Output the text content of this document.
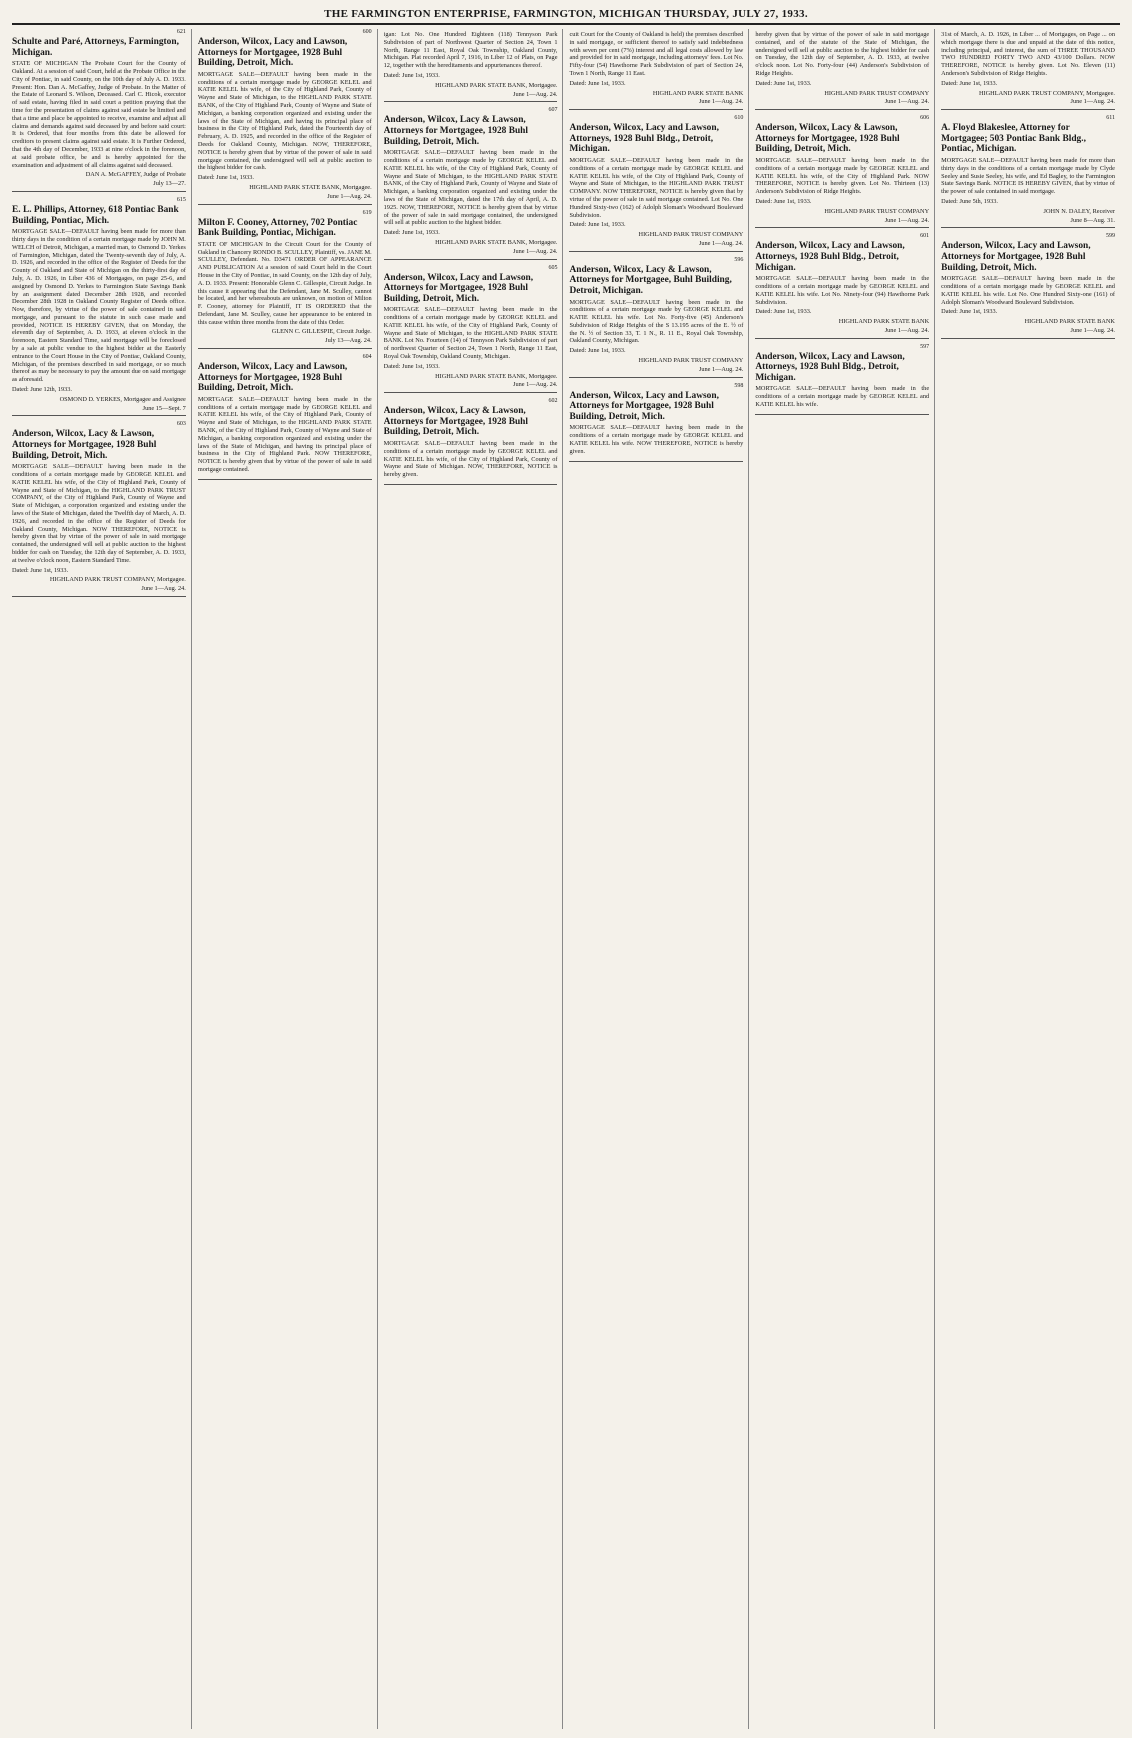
THE FARMINGTON ENTERPRISE, FARMINGTON, MICHIGAN THURSDAY, JULY 27, 1933.
621
Schulte and Paré, Attorneys, Farmington, Michigan.
STATE OF MICHIGAN The Probate Court for the County of Oakland. At a session of said Court, held at the Probate Office in the City of Pontiac, in said County, on the 10th day of July A. D. 1933. Present: Hon. Dan A. McGaffey, Judge of Probate. In the Matter of the Estate of Leonard S. Wilson, Deceased. Carl C. Hicok, executor of said estate, having filed in said court a petition praying that the time for the presentation of claims against said estate be limited and that a time and place be appointed to receive, examine and adjust all claims and demands against said deceased by and before said court: It is Ordered, that four months from this date be allowed for creditors to present claims against said estate. It is Further Ordered, that the 4th day of December, 1933 at nine o'clock in the forenoon, at said probate office, be and is hereby appointed for the examination and adjustment of all claims against said deceased.
DAN A. McGAFFEY, Judge of Probate
July 13—27.
615
E. L. Phillips, Attorney, 618 Pontiac Bank Building, Pontiac, Mich.
MORTGAGE SALE—DEFAULT having been made for more than thirty days in the condition of a certain mortgage made by JOHN M. WELCH of Detroit, Michigan, a married man, to Osmond D. Yerkes of Farmington, Michigan, dated the Twenty-seventh day of July, A. D. 1926, and recorded in the office of the Register of Deeds for the County of Oakland and State of Michigan on the thirty-first day of July, A. D. 1926, in Liber 436 of Mortgages, on page 25-6, and assigned by Osmond D. Yerkes to Farmington State Savings Bank by an assignment dated December 28th 1928, and recorded December 28th 1928 in Oakland County Register of Deeds office. Now, therefore, by virtue of the power of sale contained in said mortgage, and pursuant to the statute in such case made and provided, NOTICE IS HEREBY GIVEN, that on Monday, the eleventh day of September, A. D. 1933, at eleven o'clock in the forenoon, Eastern Standard Time, said mortgage will be foreclosed by a sale at public vendue to the highest bidder at the Easterly entrance to the Court House in the City of Pontiac, Oakland County, Michigan, of the premises described in said mortgage, or so much thereof as may be necessary to pay the amount due on said mortgage as aforesaid.
Dated: June 12th, 1933.
OSMOND D. YERKES, Mortgagee and Assignee
June 15—Sept. 7
603
Anderson, Wilcox, Lacy & Lawson, Attorneys for Mortgagee, 1928 Buhl Building, Detroit, Mich.
MORTGAGE SALE—DEFAULT having been made in the conditions of a certain mortgage made by GEORGE KELEL and KATIE KELEL his wife, of the City of Highland Park, County of Wayne and State of Michigan, to the HIGHLAND PARK TRUST COMPANY, of the City of Highland Park, County of Wayne and State of Michigan, a corporation organized and existing under the laws of the State of Michigan, dated the Twelfth day of March, A. D. 1926, and recorded in the office of the Register of Deeds for Oakland County, Michigan. NOW THEREFORE, NOTICE is hereby given that by virtue of the power of sale in said mortgage contained, the undersigned will sell at public auction to the highest bidder for cash on Tuesday, the 12th day of September, A. D. 1933, at twelve o'clock noon, Eastern Standard Time.
Dated: June 1st, 1933.
HIGHLAND PARK TRUST COMPANY, Mortgagee.
June 1—Aug. 24.
600
Anderson, Wilcox, Lacy and Lawson, Attorneys for Mortgagee, 1928 Buhl Building, Detroit, Mich.
MORTGAGE SALE—DEFAULT having been made in the conditions of a certain mortgage made by GEORGE KELEL and KATIE KELEL his wife, of the City of Highland Park, County of Wayne and State of Michigan, to the HIGHLAND PARK STATE BANK, of the City of Highland Park, County of Wayne and State of Michigan, a banking corporation organized and existing under the laws of the State of Michigan, and having its principal place of business in the City of Highland Park, dated the Fourteenth day of February, A. D. 1925, and recorded in the office of the Register of Deeds for Oakland County, Michigan. NOW, THEREFORE, NOTICE is hereby given that by virtue of the power of sale in said mortgage contained, the undersigned will sell at public auction to the highest bidder for cash.
Dated: June 1st, 1933.
HIGHLAND PARK STATE BANK, Mortgagee.
June 1—Aug. 24.
619
Milton F. Cooney, Attorney, 702 Pontiac Bank Building, Pontiac, Michigan.
STATE OF MICHIGAN In the Circuit Court for the County of Oakland in Chancery RONDO B. SCULLEY, Plaintiff, vs. JANE M. SCULLEY, Defendant. No. D3471 ORDER OF APPEARANCE AND PUBLICATION At a session of said Court held in the Court House in the City of Pontiac, in said County, on the 12th day of July, A. D. 1933. Present: Honorable Glenn C. Gillespie, Circuit Judge. In this cause it appearing that the Defendant, Jane M. Sculley, cannot be located, and her whereabouts are unknown, on motion of Milton F. Cooney, attorney for Plaintiff, IT IS ORDERED that the Defendant, Jane M. Sculley, cause her appearance to be entered in this cause within three months from the date of this Order.
GLENN C. GILLESPIE, Circuit Judge.
July 13—Aug. 24.
604
Anderson, Wilcox, Lacy and Lawson, Attorneys for Mortgagee, 1928 Buhl Building, Detroit, Mich.
MORTGAGE SALE—DEFAULT having been made in the conditions of a certain mortgage made by GEORGE KELEL and KATIE KELEL his wife, of the City of Highland Park, County of Wayne and State of Michigan, to the HIGHLAND PARK STATE BANK, of the City of Highland Park, County of Wayne and State of Michigan, a banking corporation organized and existing under the laws of the State of Michigan, and having its principal place of business in the City of Highland Park. NOW THEREFORE, NOTICE is hereby given that by virtue of the power of sale in said mortgage contained.
igan: Lot No. One Hundred Eighteen (118) Tennyson Park Subdivision of part of Northwest Quarter of Section 24, Town 1 North, Range 11 East, Royal Oak Township, Oakland County, Michigan. Plat recorded April 7, 1916, in Liber 12 of Plats, on Page 12, together with the hereditaments and appurtenances thereof.
Dated: June 1st, 1933.
HIGHLAND PARK STATE BANK, Mortgagee.
June 1—Aug. 24.
607
Anderson, Wilcox, Lacy & Lawson, Attorneys for Mortgagee, 1928 Buhl Building, Detroit, Mich.
MORTGAGE SALE—DEFAULT having been made in the conditions of a certain mortgage made by GEORGE KELEL and KATIE KELEL his wife, of the City of Highland Park, County of Wayne and State of Michigan, to the HIGHLAND PARK STATE BANK, of the City of Highland Park, County of Wayne and State of Michigan, a banking corporation organized and existing under the laws of the State of Michigan, dated the 17th day of April, A. D. 1925. NOW, THEREFORE, NOTICE is hereby given that by virtue of the power of sale in said mortgage contained, the undersigned will sell at public auction to the highest bidder.
Dated: June 1st, 1933.
HIGHLAND PARK STATE BANK, Mortgagee.
June 1—Aug. 24.
605
Anderson, Wilcox, Lacy and Lawson, Attorneys for Mortgagee, 1928 Buhl Building, Detroit, Mich.
MORTGAGE SALE—DEFAULT having been made in the conditions of a certain mortgage made by GEORGE KELEL and KATIE KELEL his wife, of the City of Highland Park, County of Wayne and State of Michigan, to the HIGHLAND PARK STATE BANK. Lot No. Fourteen (14) of Tennyson Park Subdivision of part of northwest Quarter of Section 24, Town 1 North, Range 11 East, Royal Oak Township, Oakland County, Michigan.
Dated: June 1st, 1933.
HIGHLAND PARK STATE BANK, Mortgagee.
June 1—Aug. 24.
602
Anderson, Wilcox, Lacy & Lawson, Attorneys for Mortgagee, 1928 Buhl Building, Detroit, Mich.
MORTGAGE SALE—DEFAULT having been made in the conditions of a certain mortgage made by GEORGE KELEL and KATIE KELEL his wife, of the City of Highland Park, County of Wayne and State of Michigan. NOW, THEREFORE, NOTICE is hereby given.
cuit Court for the County of Oakland is held) the premises described in said mortgage, or sufficient thereof to satisfy said indebtedness with seven per cent (7%) interest and all legal costs allowed by law and provided for in said mortgage, including attorneys' fees. Lot No. Fifty-four (54) Hawthorne Park Subdivision of part of Section 24, Town 1 North, Range 11 East.
Dated: June 1st, 1933.
HIGHLAND PARK STATE BANK
June 1—Aug. 24.
610
Anderson, Wilcox, Lacy and Lawson, Attorneys, 1928 Buhl Bldg., Detroit, Michigan.
MORTGAGE SALE—DEFAULT having been made in the conditions of a certain mortgage made by GEORGE KELEL and KATIE KELEL his wife, of the City of Highland Park, County of Wayne and State of Michigan, to the HIGHLAND PARK TRUST COMPANY. NOW THEREFORE, NOTICE is hereby given that by virtue of the power of sale in said mortgage contained. Lot No. One Hundred Sixty-two (162) of Adolph Sloman's Woodward Boulevard Subdivision.
Dated: June 1st, 1933.
HIGHLAND PARK TRUST COMPANY
June 1—Aug. 24.
596
Anderson, Wilcox, Lacy & Lawson, Attorneys for Mortgagee, Buhl Building, Detroit, Michigan.
MORTGAGE SALE—DEFAULT having been made in the conditions of a certain mortgage made by GEORGE KELEL and KATIE KELEL his wife. Lot No. Forty-five (45) Anderson's Subdivision of Ridge Heights of the S 13.195 acres of the E. ½ of the N. ½ of Section 33, T. 1 N., R. 11 E., Royal Oak Township, Oakland County, Michigan.
Dated: June 1st, 1933.
HIGHLAND PARK TRUST COMPANY
June 1—Aug. 24.
598
Anderson, Wilcox, Lacy and Lawson, Attorneys for Mortgagee, 1928 Buhl Building, Detroit, Mich.
MORTGAGE SALE—DEFAULT having been made in the conditions of a certain mortgage made by GEORGE KELEL and KATIE KELEL his wife. NOW THEREFORE, NOTICE is hereby given.
hereby given that by virtue of the power of sale in said mortgage contained, and of the statute of the State of Michigan, the undersigned will sell at public auction to the highest bidder for cash on Tuesday, the 12th day of September, A. D. 1933, at twelve o'clock noon. Lot No. Forty-four (44) Anderson's Subdivision of Ridge Heights.
Dated: June 1st, 1933.
HIGHLAND PARK TRUST COMPANY
June 1—Aug. 24.
606
Anderson, Wilcox, Lacy & Lawson, Attorneys for Mortgagee, 1928 Buhl Building, Detroit, Mich.
MORTGAGE SALE—DEFAULT having been made in the conditions of a certain mortgage made by GEORGE KELEL and KATIE KELEL his wife, of the City of Highland Park. NOW THEREFORE, NOTICE is hereby given. Lot No. Thirteen (13) Anderson's Subdivision of Ridge Heights.
Dated: June 1st, 1933.
HIGHLAND PARK TRUST COMPANY
June 1—Aug. 24.
601
Anderson, Wilcox, Lacy and Lawson, Attorneys, 1928 Buhl Bldg., Detroit, Michigan.
MORTGAGE SALE—DEFAULT having been made in the conditions of a certain mortgage made by GEORGE KELEL and KATIE KELEL his wife. Lot No. Ninety-four (94) Hawthorne Park Subdivision.
Dated: June 1st, 1933.
HIGHLAND PARK STATE BANK
June 1—Aug. 24.
597
Anderson, Wilcox, Lacy and Lawson, Attorneys, 1928 Buhl Bldg., Detroit, Michigan.
MORTGAGE SALE—DEFAULT having been made in the conditions of a certain mortgage made by GEORGE KELEL and KATIE KELEL his wife.
31st of March, A. D. 1926, in Liber ... of Mortgages, on Page ... on which mortgage there is due and unpaid at the date of this notice, including principal, and interest, the sum of THREE THOUSAND TWO HUNDRED FORTY TWO AND 43/100 Dollars. NOW THEREFORE, NOTICE is hereby given. Lot No. Eleven (11) Anderson's Subdivision of Ridge Heights.
Dated: June 1st, 1933.
HIGHLAND PARK TRUST COMPANY, Mortgagee.
June 1—Aug. 24.
611
A. Floyd Blakeslee, Attorney for Mortgagee; 503 Pontiac Bank Bldg., Pontiac, Michigan.
MORTGAGE SALE—DEFAULT having been made for more than thirty days in the conditions of a certain mortgage made by Clyde Seeley and Susie Seeley, his wife, and Ed Bagley, to the Farmington State Savings Bank. NOTICE IS HEREBY GIVEN, that by virtue of the power of sale contained in said mortgage.
Dated: June 5th, 1933.
JOHN N. DALEY, Receiver
June 8—Aug. 31.
599
Anderson, Wilcox, Lacy and Lawson, Attorneys for Mortgagee, 1928 Buhl Building, Detroit, Mich.
MORTGAGE SALE—DEFAULT having been made in the conditions of a certain mortgage made by GEORGE KELEL and KATIE KELEL his wife. Lot No. One Hundred Sixty-one (161) of Adolph Sloman's Woodward Boulevard Subdivision.
Dated: June 1st, 1933.
HIGHLAND PARK STATE BANK
June 1—Aug. 24.
